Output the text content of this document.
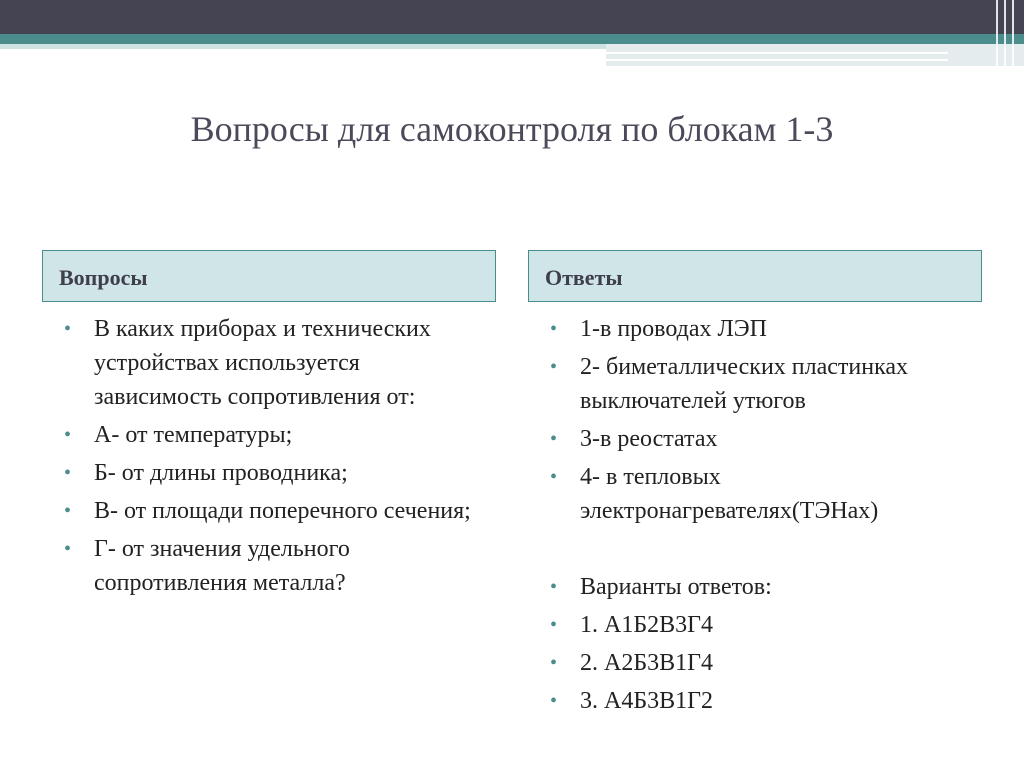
Вопросы для самоконтроля по блокам 1-3
Вопросы	Ответы
• В каких приборах и технических устройствах используется зависимость сопротивления от:
• А- от температуры;
• Б- от длины проводника;
• В- от площади поперечного сечения;
• Г- от значения удельного сопротивления металла?
• 1-в проводах ЛЭП
• 2- биметаллических пластинках выключателей утюгов
• 3-в реостатах
• 4- в тепловых электронагревателях(ТЭНах)
• Варианты ответов:
• 1. А1Б2В3Г4
• 2. А2Б3В1Г4
• 3. А4Б3В1Г2
